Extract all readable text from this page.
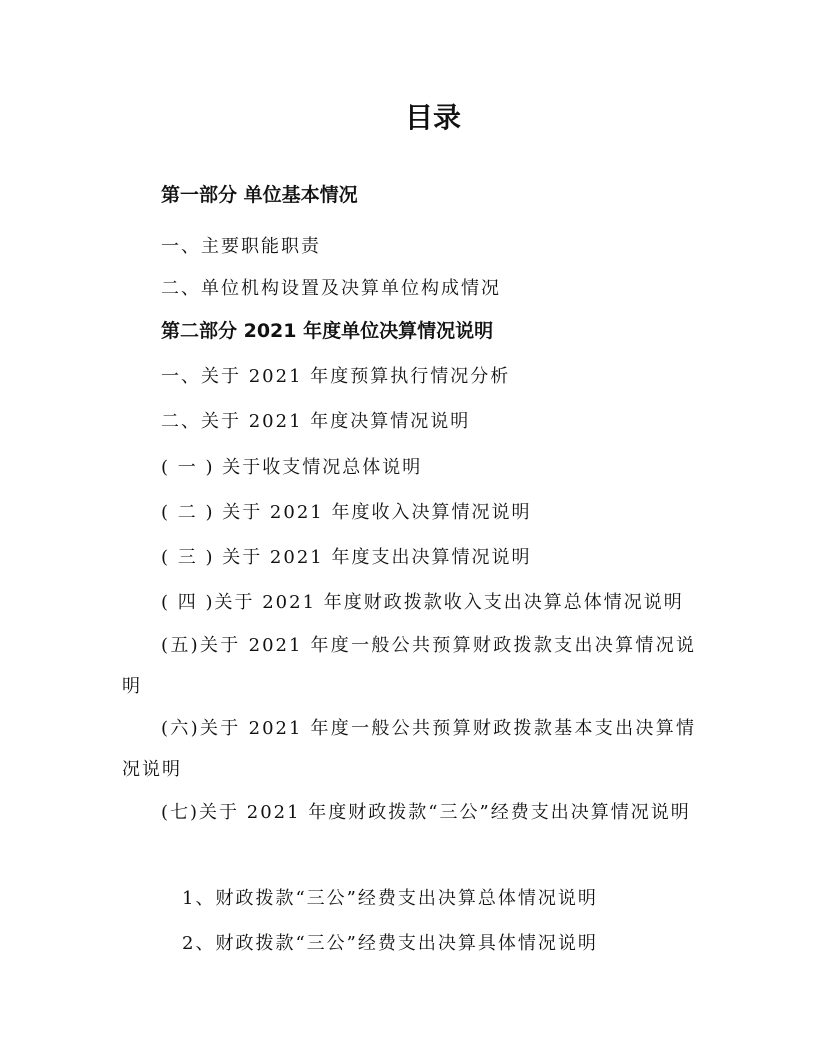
目录
第一部分 单位基本情况
一、主要职能职责
二、单位机构设置及决算单位构成情况
第二部分 2021 年度单位决算情况说明
一、关于 2021 年度预算执行情况分析
二、关于 2021 年度决算情况说明
( 一 ) 关于收支情况总体说明
( 二 ) 关于 2021 年度收入决算情况说明
( 三 ) 关于 2021 年度支出决算情况说明
( 四 )关于 2021 年度财政拨款收入支出决算总体情况说明
(五)关于 2021 年度一般公共预算财政拨款支出决算情况说明
(六)关于 2021 年度一般公共预算财政拨款基本支出决算情况说明
(七)关于 2021 年度财政拨款“三公”经费支出决算情况说明
1、财政拨款“三公”经费支出决算总体情况说明
2、财政拨款“三公”经费支出决算具体情况说明
